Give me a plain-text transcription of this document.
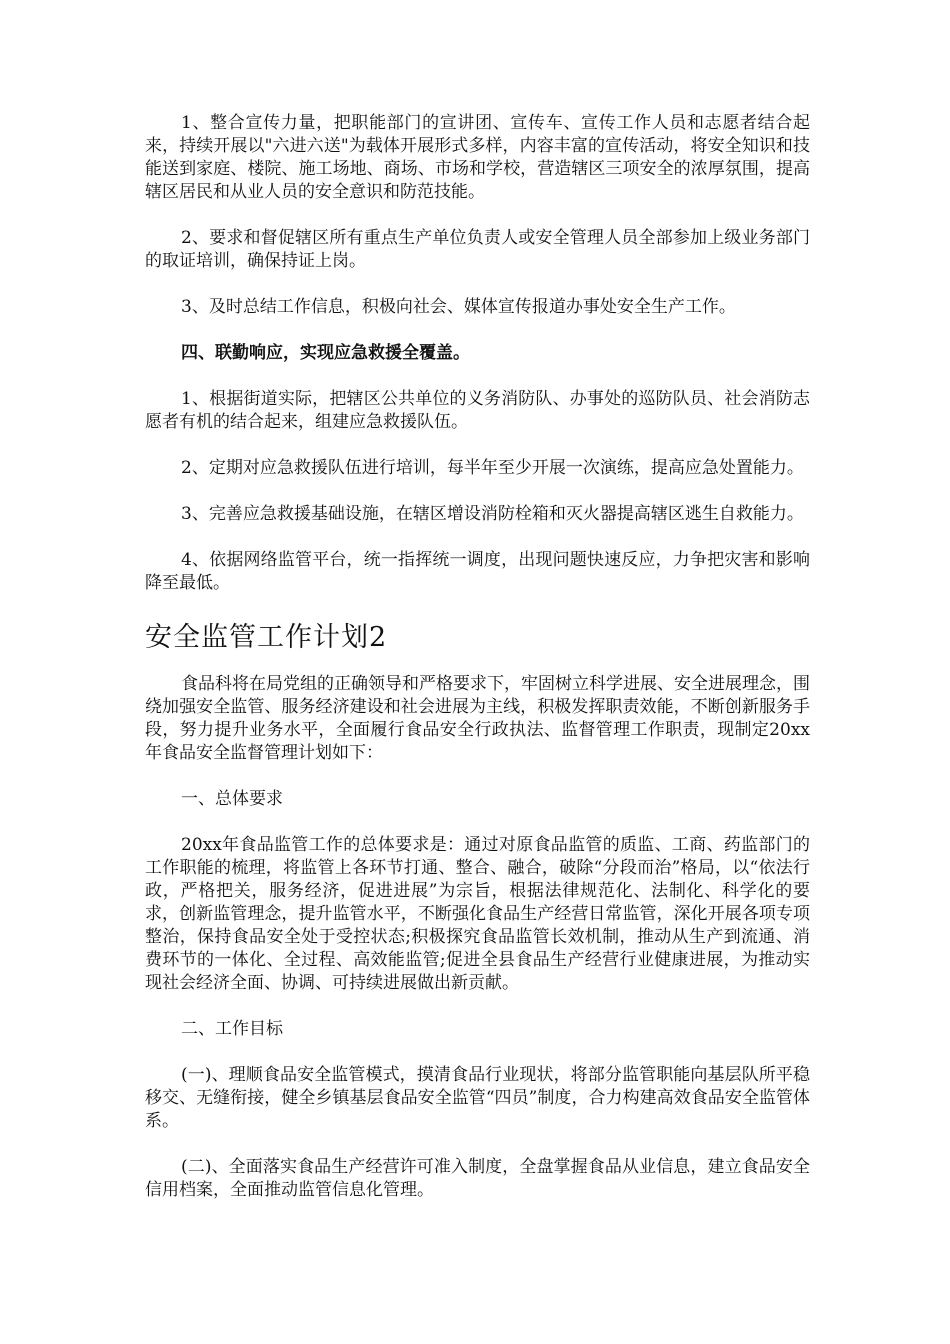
1、整合宣传力量，把职能部门的宣讲团、宣传车、宣传工作人员和志愿者结合起来，持续开展以"六进六送"为载体开展形式多样，内容丰富的宣传活动，将安全知识和技能送到家庭、楼院、施工场地、商场、市场和学校，营造辖区三项安全的浓厚氛围，提高辖区居民和从业人员的安全意识和防范技能。

2、要求和督促辖区所有重点生产单位负责人或安全管理人员全部参加上级业务部门的取证培训，确保持证上岗。

3、及时总结工作信息，积极向社会、媒体宣传报道办事处安全生产工作。

四、联勤响应，实现应急救援全覆盖。

1、根据街道实际，把辖区公共单位的义务消防队、办事处的巡防队员、社会消防志愿者有机的结合起来，组建应急救援队伍。

2、定期对应急救援队伍进行培训，每半年至少开展一次演练，提高应急处置能力。

3、完善应急救援基础设施，在辖区增设消防栓箱和灭火器提高辖区逃生自救能力。

4、依据网络监管平台，统一指挥统一调度，出现问题快速反应，力争把灾害和影响降至最低。

安全监管工作计划2

食品科将在局党组的正确领导和严格要求下，牢固树立科学进展、安全进展理念，围绕加强安全监管、服务经济建设和社会进展为主线，积极发挥职责效能，不断创新服务手段，努力提升业务水平，全面履行食品安全行政执法、监督管理工作职责，现制定20xx年食品安全监督管理计划如下：

一、总体要求

20xx年食品监管工作的总体要求是：通过对原食品监管的质监、工商、药监部门的工作职能的梳理，将监管上各环节打通、整合、融合，破除“分段而治”格局，以“依法行政，严格把关，服务经济，促进进展”为宗旨，根据法律规范化、法制化、科学化的要求，创新监管理念，提升监管水平，不断强化食品生产经营日常监管，深化开展各项专项整治，保持食品安全处于受控状态;积极探究食品监管长效机制，推动从生产到流通、消费环节的一体化、全过程、高效能监管;促进全县食品生产经营行业健康进展，为推动实现社会经济全面、协调、可持续进展做出新贡献。

二、工作目标

(一)、理顺食品安全监管模式，摸清食品行业现状，将部分监管职能向基层队所平稳移交、无缝衔接，健全乡镇基层食品安全监管“四员”制度，合力构建高效食品安全监管体系。

(二)、全面落实食品生产经营许可准入制度，全盘掌握食品从业信息，建立食品安全信用档案，全面推动监管信息化管理。
